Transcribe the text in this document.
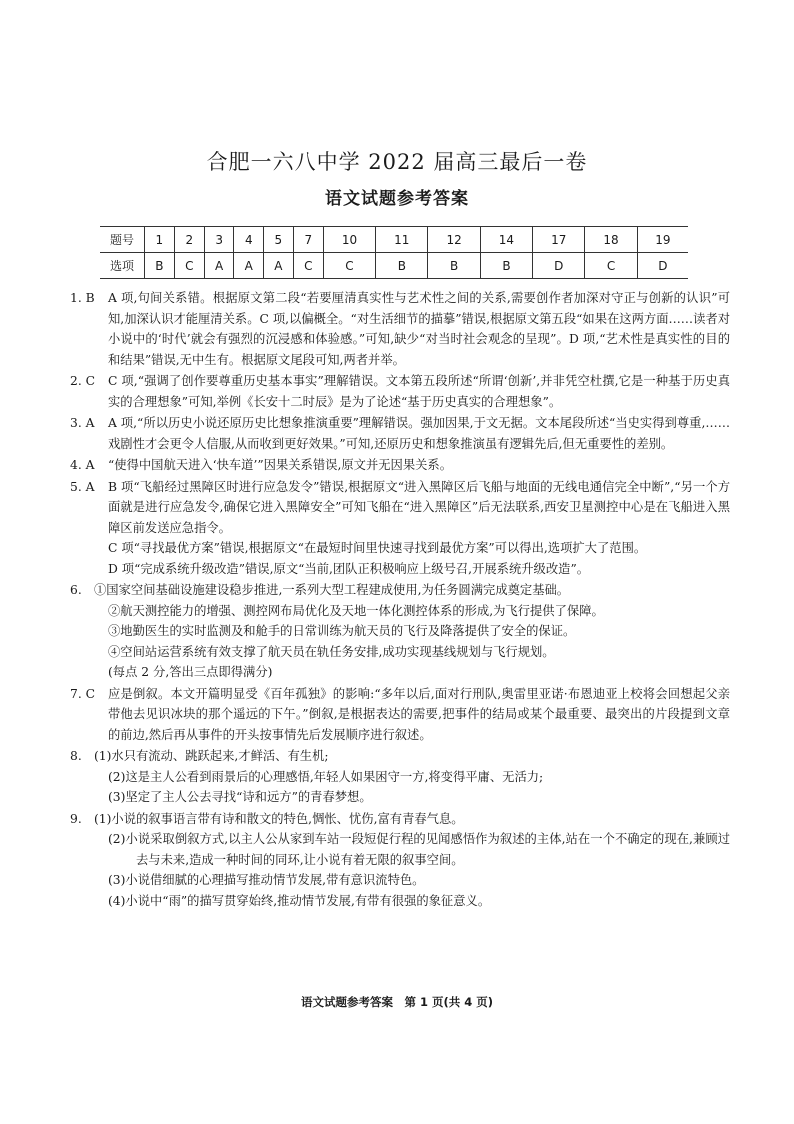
合肥一六八中学 2022 届高三最后一卷
语文试题参考答案
题号	1	2	3	4	5	7	10	11	12	14	17	18	19
选项	B	C	A	A	A	C	C	B	B	B	D	C	D
1. B	A 项,句间关系错。根据原文第二段“若要厘清真实性与艺术性之间的关系,需要创作者加深对守正与创新的认识”可知,加深认识才能厘清关系。C 项,以偏概全。“对生活细节的描摹”错误,根据原文第五段“如果在这两方面……读者对小说中的‘时代’就会有强烈的沉浸感和体验感。”可知,缺少“对当时社会观念的呈现”。D 项,“艺术性是真实性的目的和结果”错误,无中生有。根据原文尾段可知,两者并举。

2. C	C 项,“强调了创作要尊重历史基本事实”理解错误。文本第五段所述“所谓‘创新’,并非凭空杜撰,它是一种基于历史真实的合理想象”可知,举例《长安十二时辰》是为了论述“基于历史真实的合理想象”。

3. A	A 项,“所以历史小说还原历史比想象推演重要”理解错误。强加因果,于文无据。文本尾段所述“当史实得到尊重,……戏剧性才会更令人信服,从而收到更好效果。”可知,还原历史和想象推演虽有逻辑先后,但无重要性的差别。

4. A	“使得中国航天进入‘快车道’”因果关系错误,原文并无因果关系。

5. A	B 项“飞船经过黑障区时进行应急发令”错误,根据原文“进入黑障区后飞船与地面的无线电通信完全中断”,“另一个方面就是进行应急发令,确保它进入黑障安全”可知飞船在“进入黑障区”后无法联系,西安卫星测控中心是在飞船进入黑障区前发送应急指令。

C 项“寻找最优方案”错误,根据原文“在最短时间里快速寻找到最优方案”可以得出,选项扩大了范围。

D 项“完成系统升级改造”错误,原文“当前,团队正积极响应上级号召,开展系统升级改造”。

6. ①国家空间基础设施建设稳步推进,一系列大型工程建成使用,为任务圆满完成奠定基础。

②航天测控能力的增强、测控网布局优化及天地一体化测控体系的形成,为飞行提供了保障。

③地勤医生的实时监测及和舱手的日常训练为航天员的飞行及降落提供了安全的保证。

④空间站运营系统有效支撑了航天员在轨任务安排,成功实现基线规划与飞行规划。

(每点 2 分,答出三点即得满分)

7. C	应是倒叙。本文开篇明显受《百年孤独》的影响:“多年以后,面对行刑队,奥雷里亚诺·布恩迪亚上校将会回想起父亲带他去见识冰块的那个遥远的下午。”倒叙,是根据表达的需要,把事件的结局或某个最重要、最突出的片段提到文章的前边,然后再从事件的开头按事情先后发展顺序进行叙述。

8. (1)水只有流动、跳跃起来,才鲜活、有生机;

(2)这是主人公看到雨景后的心理感悟,年轻人如果困守一方,将变得平庸、无活力;

(3)坚定了主人公去寻找“诗和远方”的青春梦想。

9. (1)小说的叙事语言带有诗和散文的特色,惆怅、忧伤,富有青春气息。

(2)小说采取倒叙方式,以主人公从家到车站一段短促行程的见闻感悟作为叙述的主体,站在一个不确定的现在,兼顾过去与未来,造成一种时间的同环,让小说有着无限的叙事空间。

(3)小说借细腻的心理描写推动情节发展,带有意识流特色。

(4)小说中“雨”的描写贯穿始终,推动情节发展,有带有很强的象征意义。

语文试题参考答案　第 1 页(共 4 页)
